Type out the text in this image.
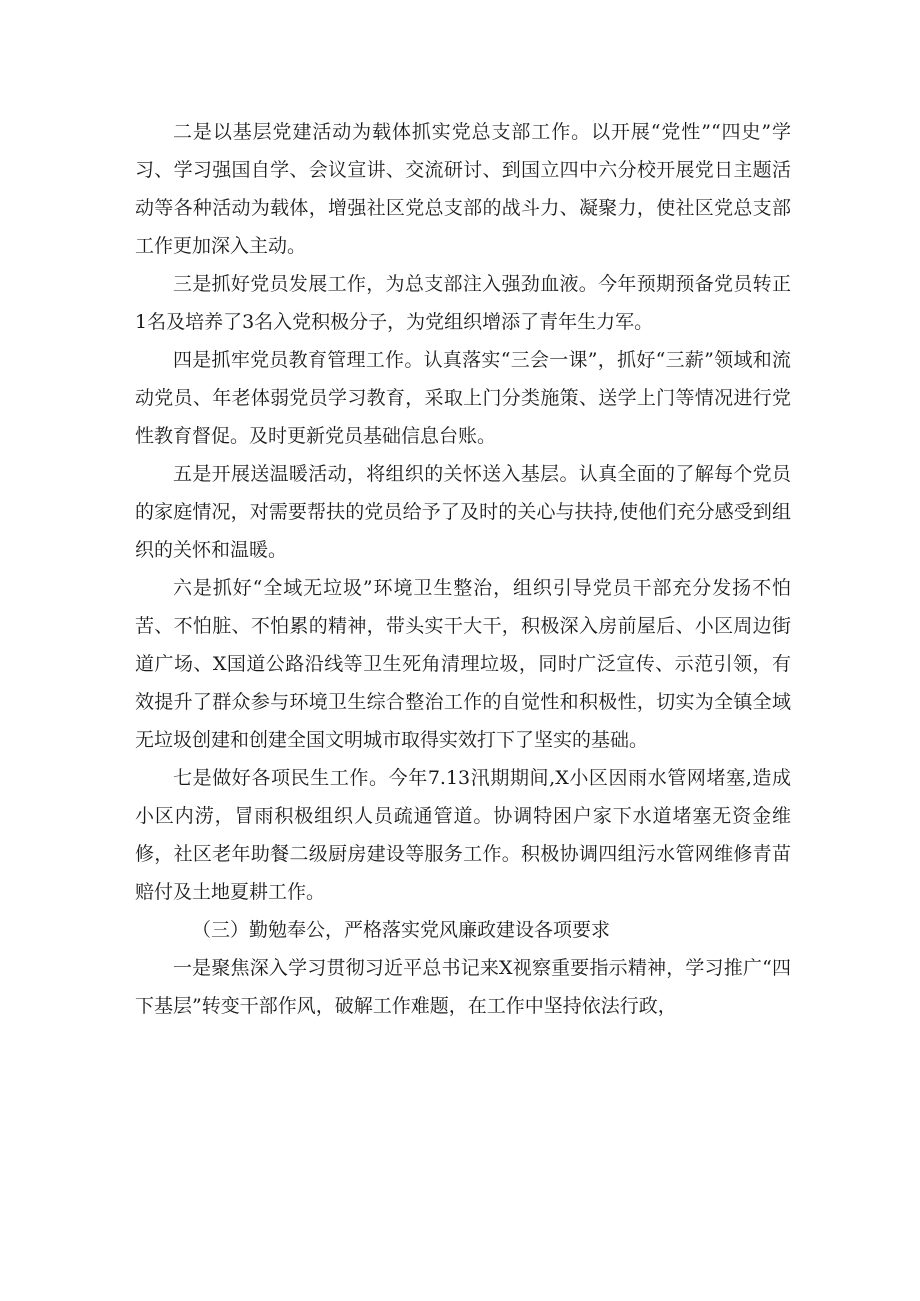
二是以基层党建活动为载体抓实党总支部工作。以开展“党性”“四史”学习、学习强国自学、会议宣讲、交流研讨、到国立四中六分校开展党日主题活动等各种活动为载体，增强社区党总支部的战斗力、凝聚力，使社区党总支部工作更加深入主动。

三是抓好党员发展工作，为总支部注入强劲血液。今年预期预备党员转正1名及培养了3名入党积极分子，为党组织增添了青年生力军。

四是抓牢党员教育管理工作。认真落实“三会一课”，抓好“三薪”领域和流动党员、年老体弱党员学习教育，采取上门分类施策、送学上门等情况进行党性教育督促。及时更新党员基础信息台账。

五是开展送温暖活动，将组织的关怀送入基层。认真全面的了解每个党员的家庭情况，对需要帮扶的党员给予了及时的关心与扶持,使他们充分感受到组织的关怀和温暖。

六是抓好“全域无垃圾”环境卫生整治，组织引导党员干部充分发扬不怕苦、不怕脏、不怕累的精神，带头实干大干，积极深入房前屋后、小区周边街道广场、X国道公路沿线等卫生死角清理垃圾，同时广泛宣传、示范引领，有效提升了群众参与环境卫生综合整治工作的自觉性和积极性，切实为全镇全域无垃圾创建和创建全国文明城市取得实效打下了坚实的基础。

七是做好各项民生工作。今年7.13汛期期间,X小区因雨水管网堵塞,造成小区内涝，冒雨积极组织人员疏通管道。协调特困户家下水道堵塞无资金维修，社区老年助餐二级厨房建设等服务工作。积极协调四组污水管网维修青苗赔付及土地夏耕工作。

（三）勤勉奉公，严格落实党风廉政建设各项要求

一是聚焦深入学习贯彻习近平总书记来X视察重要指示精神，学习推广“四下基层”转变干部作风，破解工作难题，在工作中坚持依法行政，
